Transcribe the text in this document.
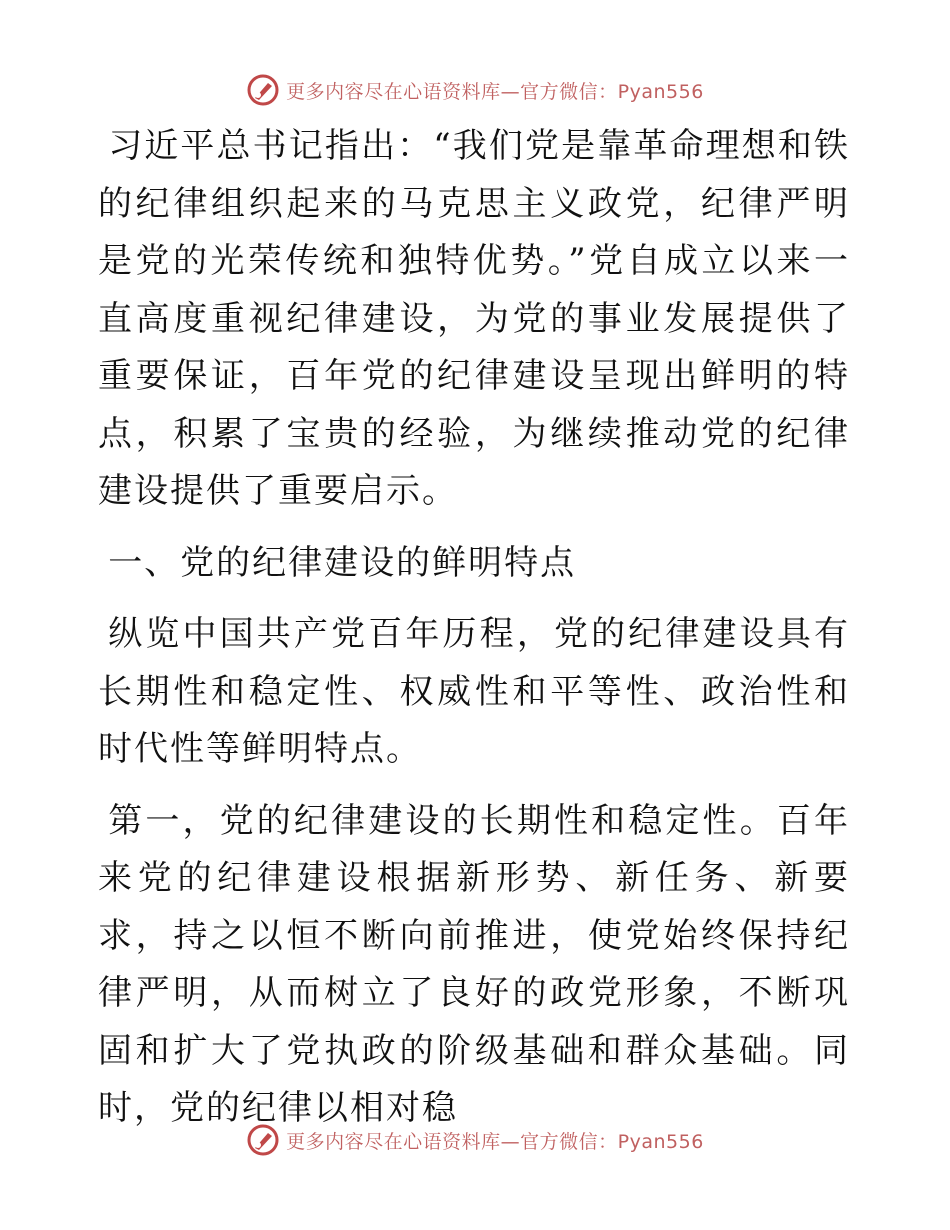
更多内容尽在心语资料库—官方微信：Pyan556

习近平总书记指出：“我们党是靠革命理想和铁的纪律组织起来的马克思主义政党，纪律严明是党的光荣传统和独特优势。”党自成立以来一直高度重视纪律建设，为党的事业发展提供了重要保证，百年党的纪律建设呈现出鲜明的特点，积累了宝贵的经验，为继续推动党的纪律建设提供了重要启示。

一、党的纪律建设的鲜明特点

纵览中国共产党百年历程，党的纪律建设具有长期性和稳定性、权威性和平等性、政治性和时代性等鲜明特点。

第一，党的纪律建设的长期性和稳定性。百年来党的纪律建设根据新形势、新任务、新要求，持之以恒不断向前推进，使党始终保持纪律严明，从而树立了良好的政党形象，不断巩固和扩大了党执政的阶级基础和群众基础。同时，党的纪律以相对稳

更多内容尽在心语资料库—官方微信：Pyan556
